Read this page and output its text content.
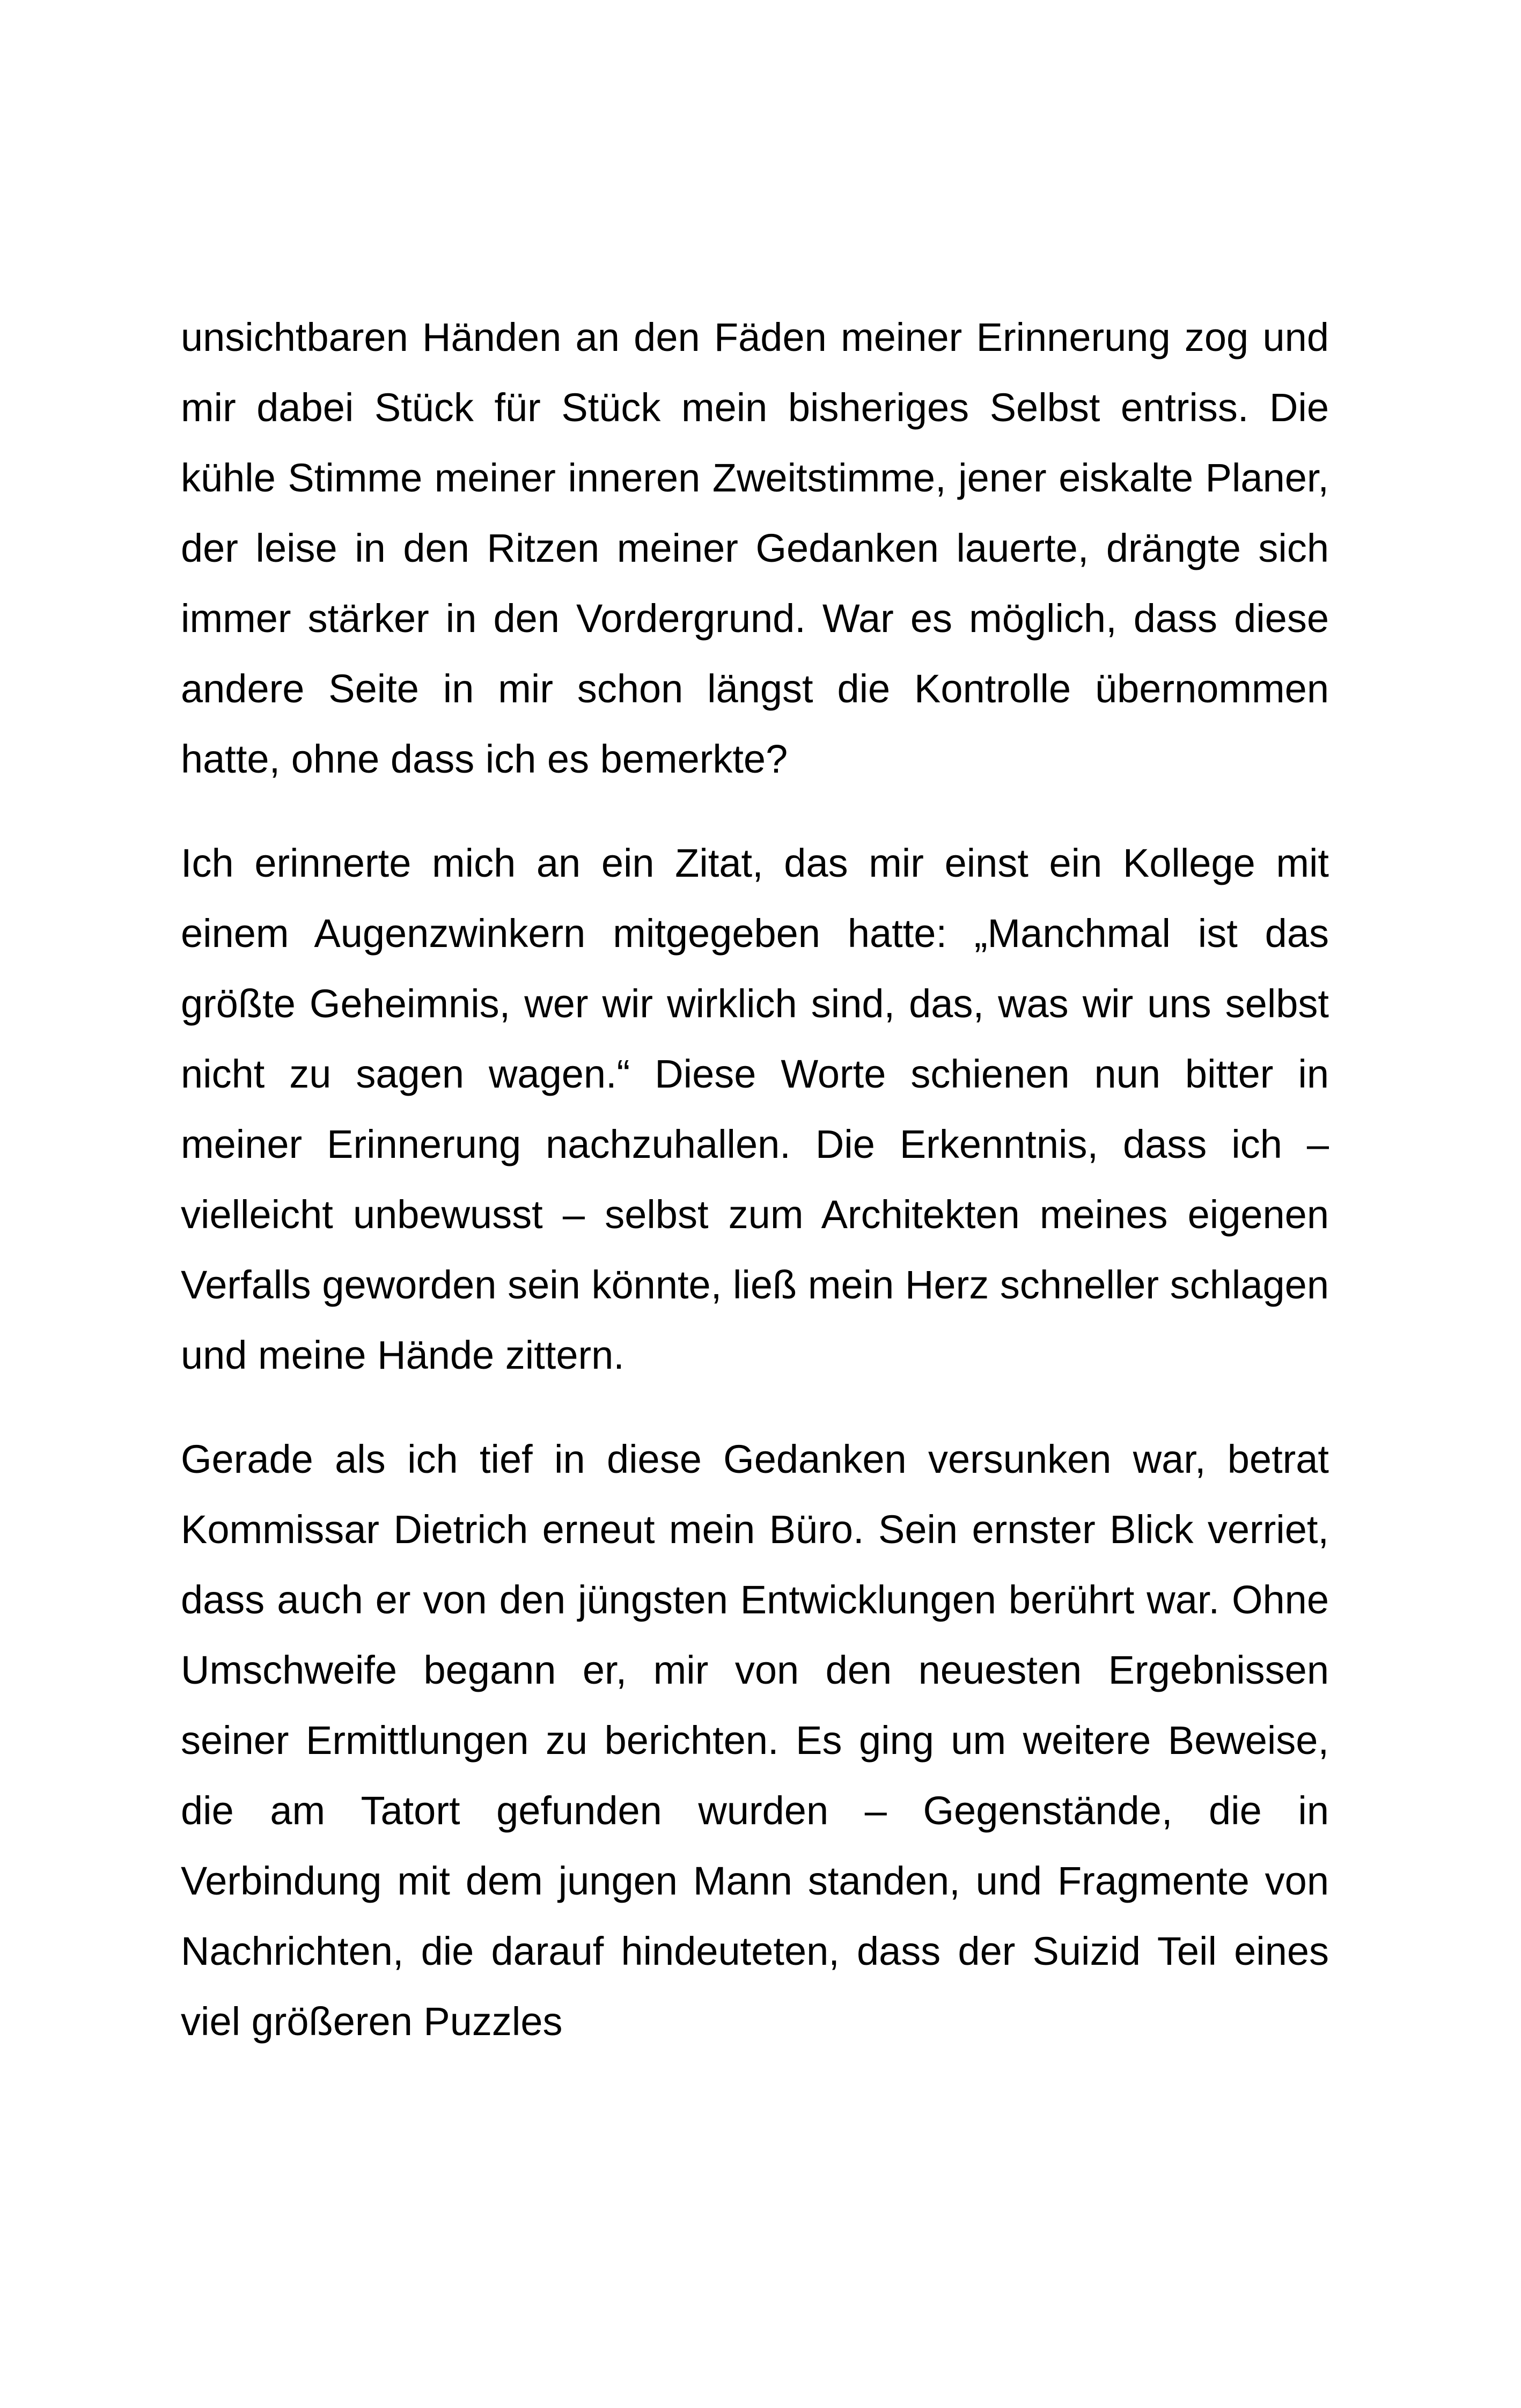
unsichtbaren Händen an den Fäden meiner Erinnerung zog und mir dabei Stück für Stück mein bisheriges Selbst entriss. Die kühle Stimme meiner inneren Zweitstimme, jener eiskalte Planer, der leise in den Ritzen meiner Gedanken lauerte, drängte sich immer stärker in den Vordergrund. War es möglich, dass diese andere Seite in mir schon längst die Kontrolle übernommen hatte, ohne dass ich es bemerkte?

Ich erinnerte mich an ein Zitat, das mir einst ein Kollege mit einem Augenzwinkern mitgegeben hatte: „Manchmal ist das größte Geheimnis, wer wir wirklich sind, das, was wir uns selbst nicht zu sagen wagen.“ Diese Worte schienen nun bitter in meiner Erinnerung nachzuhallen. Die Erkenntnis, dass ich – vielleicht unbewusst – selbst zum Architekten meines eigenen Verfalls geworden sein könnte, ließ mein Herz schneller schlagen und meine Hände zittern.

Gerade als ich tief in diese Gedanken versunken war, betrat Kommissar Dietrich erneut mein Büro. Sein ernster Blick verriet, dass auch er von den jüngsten Entwicklungen berührt war. Ohne Umschweife begann er, mir von den neuesten Ergebnissen seiner Ermittlungen zu berichten. Es ging um weitere Beweise, die am Tatort gefunden wurden – Gegenstände, die in Verbindung mit dem jungen Mann standen, und Fragmente von Nachrichten, die darauf hindeuteten, dass der Suizid Teil eines viel größeren Puzzles
